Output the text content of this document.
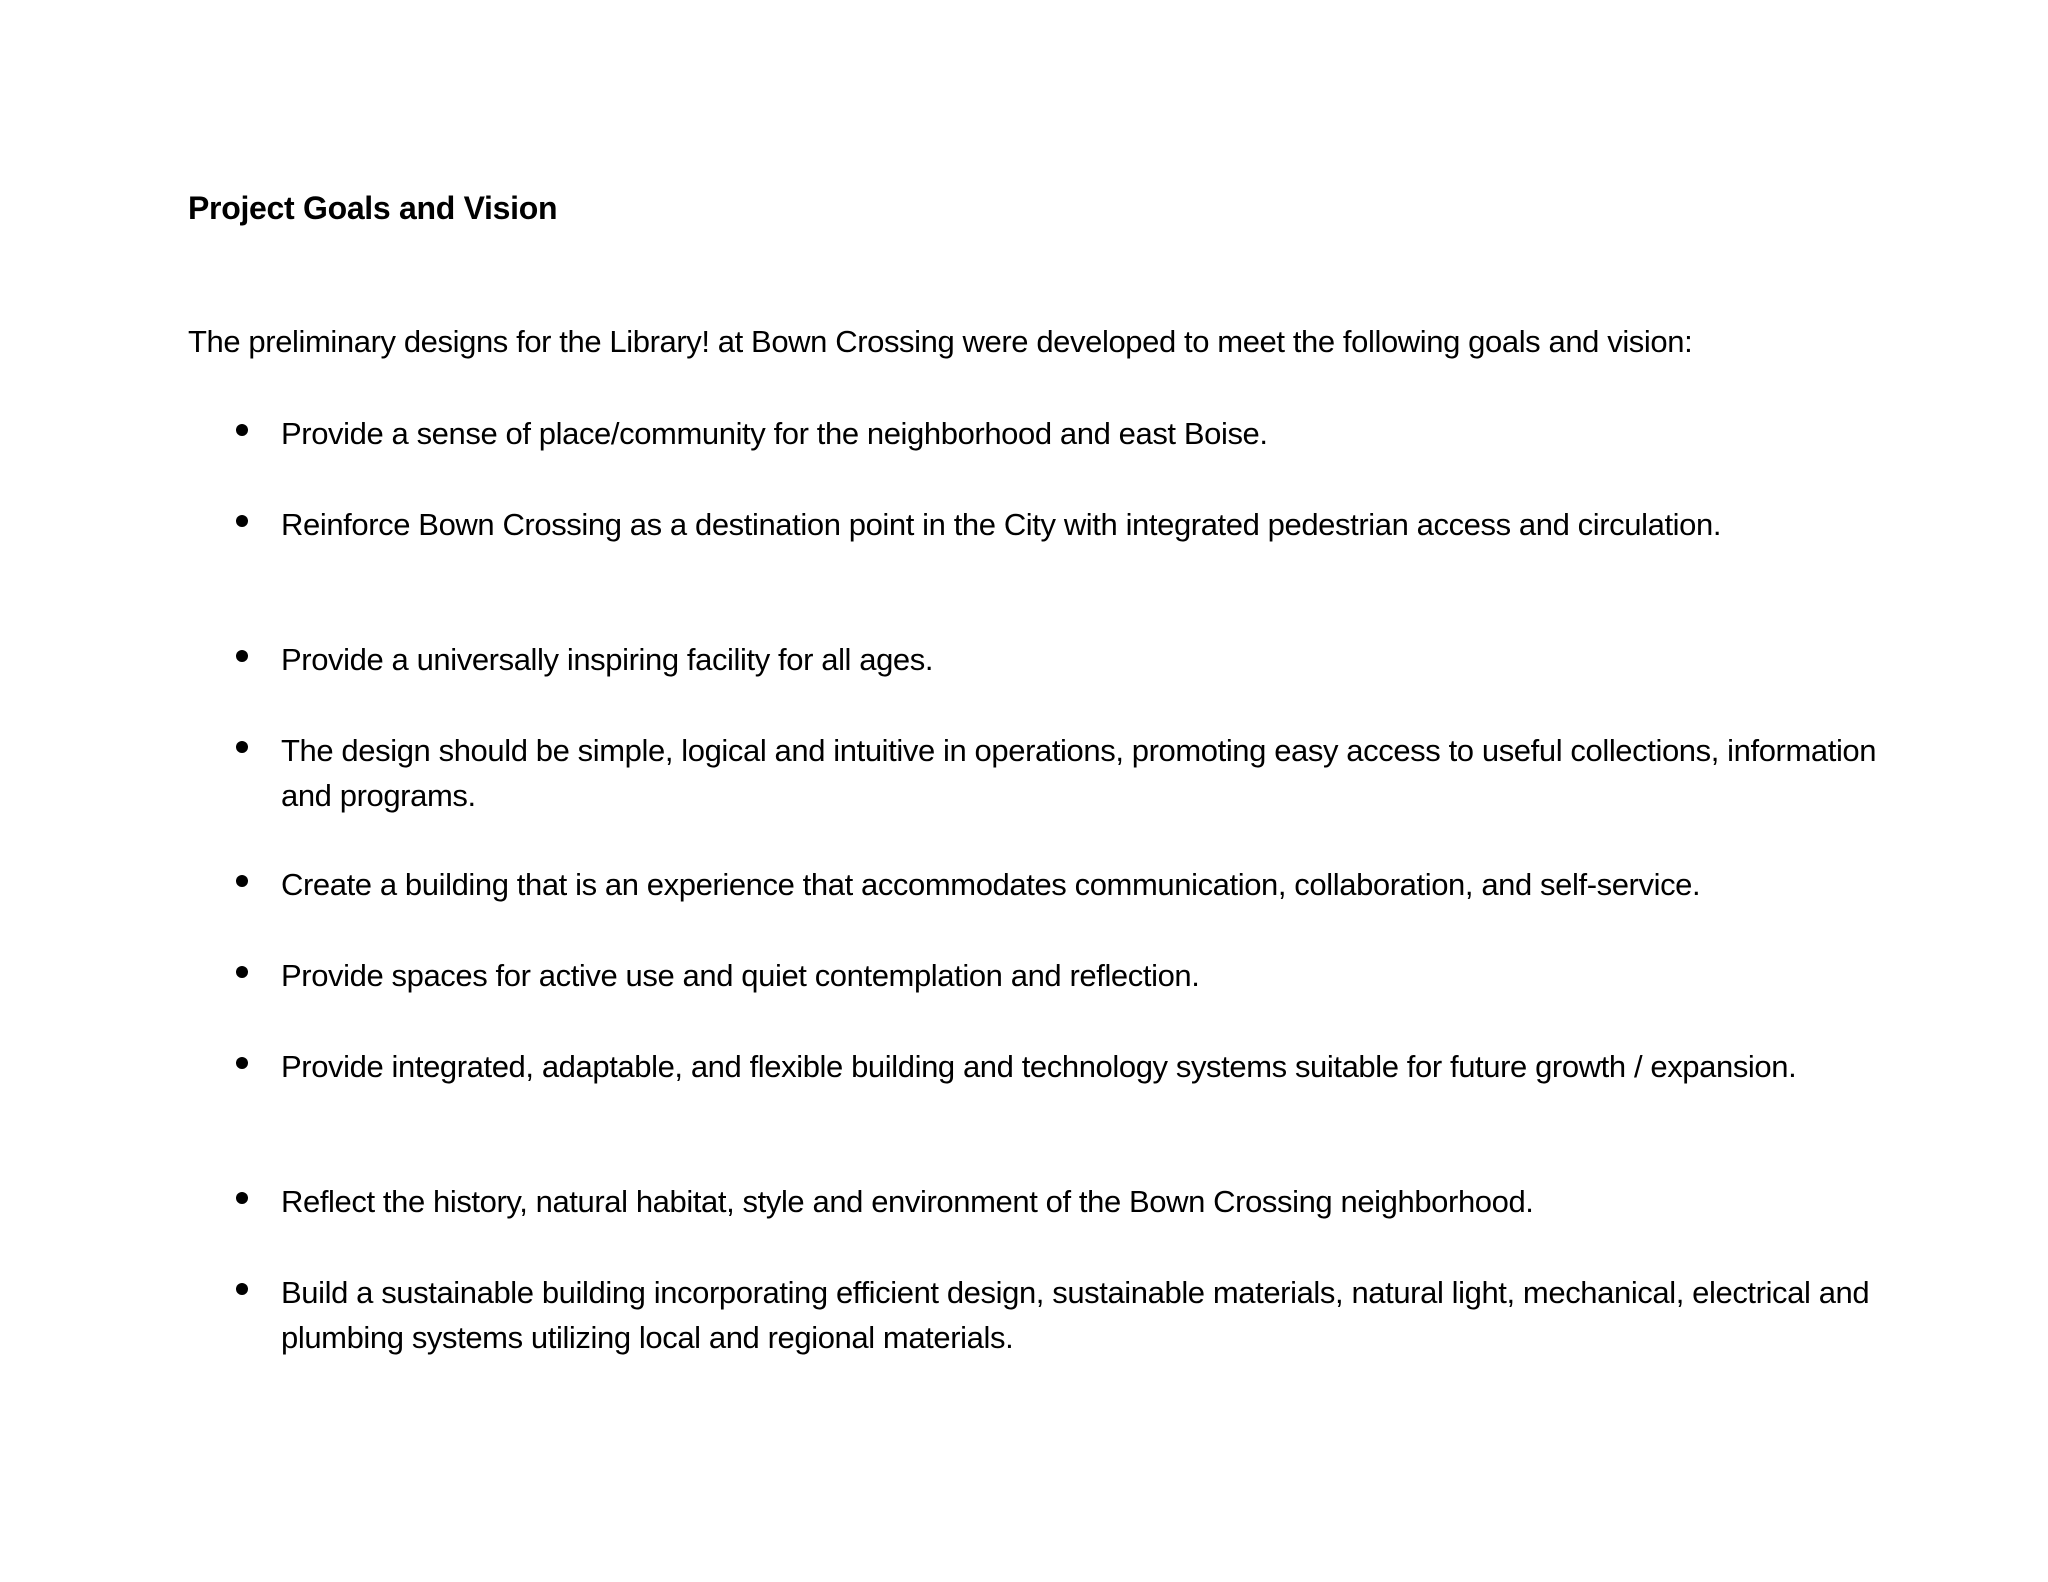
Project Goals and Vision
The preliminary designs for the Library! at Bown Crossing were developed to meet the following goals and vision:
Provide a sense of place/community for the neighborhood and east Boise.
Reinforce Bown Crossing as a destination point in the City with integrated pedestrian access and circulation.
Provide a universally inspiring facility for all ages.
The design should be simple, logical and intuitive in operations, promoting easy access to useful collections, information and programs.
Create a building that is an experience that accommodates communication, collaboration, and self-service.
Provide spaces for active use and quiet contemplation and reflection.
Provide integrated, adaptable, and flexible building and technology systems suitable for future growth / expansion.
Reflect the history, natural habitat, style and environment of the Bown Crossing neighborhood.
Build a sustainable building incorporating efficient design, sustainable materials, natural light, mechanical, electrical and plumbing systems utilizing local and regional materials.
